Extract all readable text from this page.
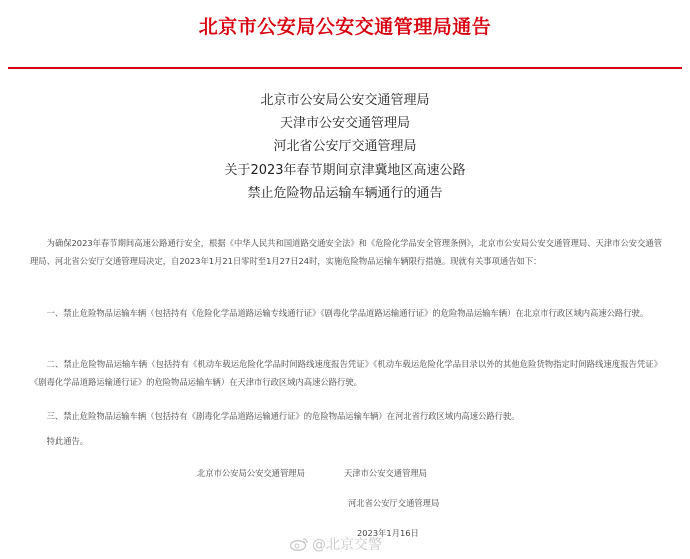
北京市公安局公安交通管理局通告
北京市公安局公安交通管理局
天津市公安交通管理局
河北省公安厅交通管理局
关于2023年春节期间京津冀地区高速公路
禁止危险物品运输车辆通行的通告
为确保2023年春节期间高速公路通行安全，根据《中华人民共和国道路交通安全法》和《危险化学品安全管理条例》，北京市公安局公安交通管理局、天津市公安交通管理局、河北省公安厅交通管理局决定，自2023年1月21日零时至1月27日24时，实施危险物品运输车辆限行措施。现就有关事项通告如下：
一、禁止危险物品运输车辆（包括持有《危险化学品道路运输专线通行证》《剧毒化学品道路运输通行证》的危险物品运输车辆）在北京市行政区域内高速公路行驶。
二、禁止危险物品运输车辆（包括持有《机动车载运危险化学品时间路线速度报告凭证》《机动车载运危险化学品目录以外的其他危险货物指定时间路线速度报告凭证》《剧毒化学品道路运输通行证》的危险物品运输车辆）在天津市行政区域内高速公路行驶。
三、禁止危险物品运输车辆（包括持有《剧毒化学品道路运输通行证》的危险物品运输车辆）在河北省行政区域内高速公路行驶。
特此通告。
北京市公安局公安交通管理局	天津市公安交通管理局
河北省公安厅交通管理局
2023年1月16日
@北京交警
